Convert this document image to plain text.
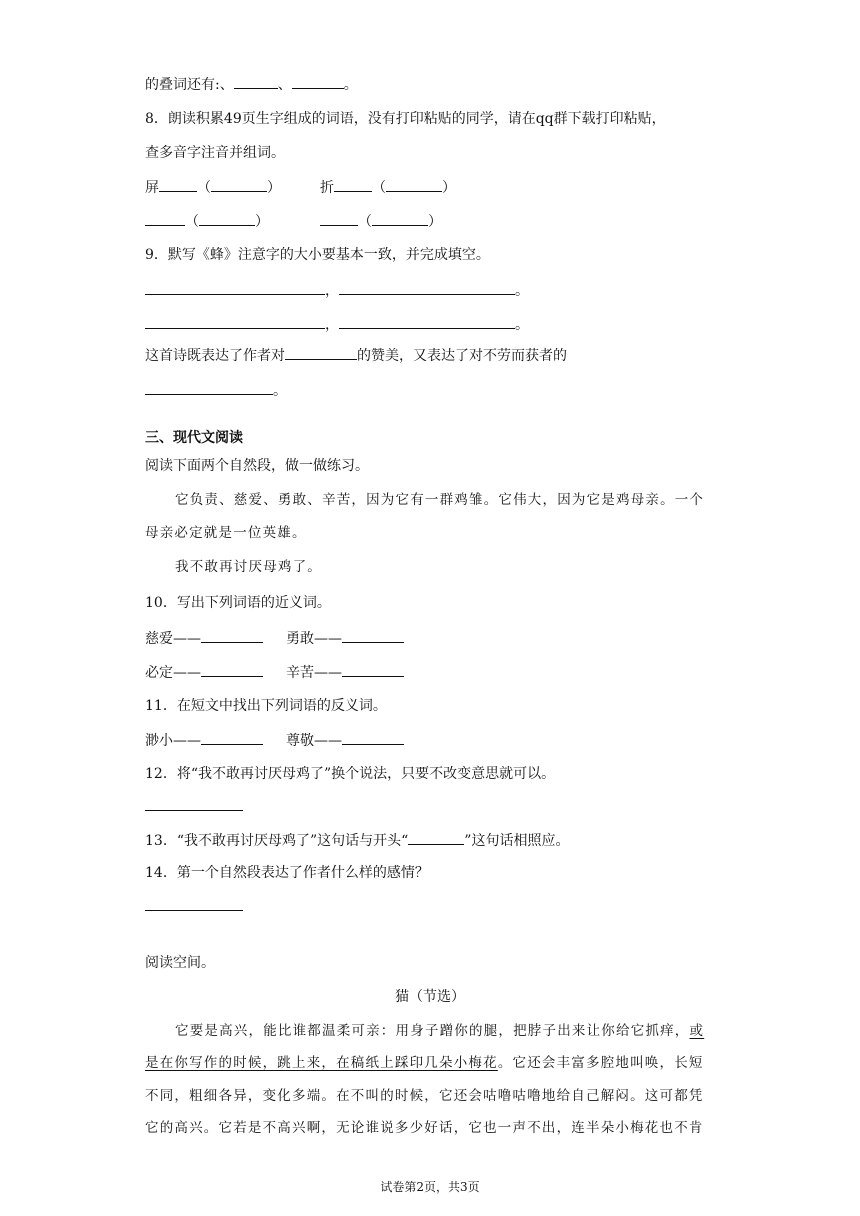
的叠词还有:、	、	。
8．朗读积累49页生字组成的词语，没有打印粘贴的同学，请在qq群下载打印粘贴，
查多音字注音并组词。
屏	（	）	折	（	）
（	）	（	）
9．默写《蜂》注意字的大小要基本一致，并完成填空。
，	。
，	。
这首诗既表达了作者对	的赞美，又表达了对不劳而获者的
。
三、现代文阅读
阅读下面两个自然段，做一做练习。
它负责、慈爱、勇敢、辛苦，因为它有一群鸡雏。它伟大，因为它是鸡母亲。一个
母亲必定就是一位英雄。
我不敢再讨厌母鸡了。
10．写出下列词语的近义词。
慈爱——	勇敢——
必定——	辛苦——
11．在短文中找出下列词语的反义词。
渺小——	尊敬——
12．将“我不敢再讨厌母鸡了”换个说法，只要不改变意思就可以。
13．“我不敢再讨厌母鸡了”这句话与开头“	”这句话相照应。
14．第一个自然段表达了作者什么样的感情？
阅读空间。
猫（节选）
它要是高兴，能比谁都温柔可亲：用身子蹭你的腿，把脖子出来让你给它抓痒，或
是在你写作的时候，跳上来，在稿纸上踩印几朵小梅花。它还会丰富多腔地叫唤，长短
不同，粗细各异，变化多端。在不叫的时候，它还会咕噜咕噜地给自己解闷。这可都凭
它的高兴。它若是不高兴啊，无论谁说多少好话，它也一声不出，连半朵小梅花也不肯
试卷第2页，共3页
